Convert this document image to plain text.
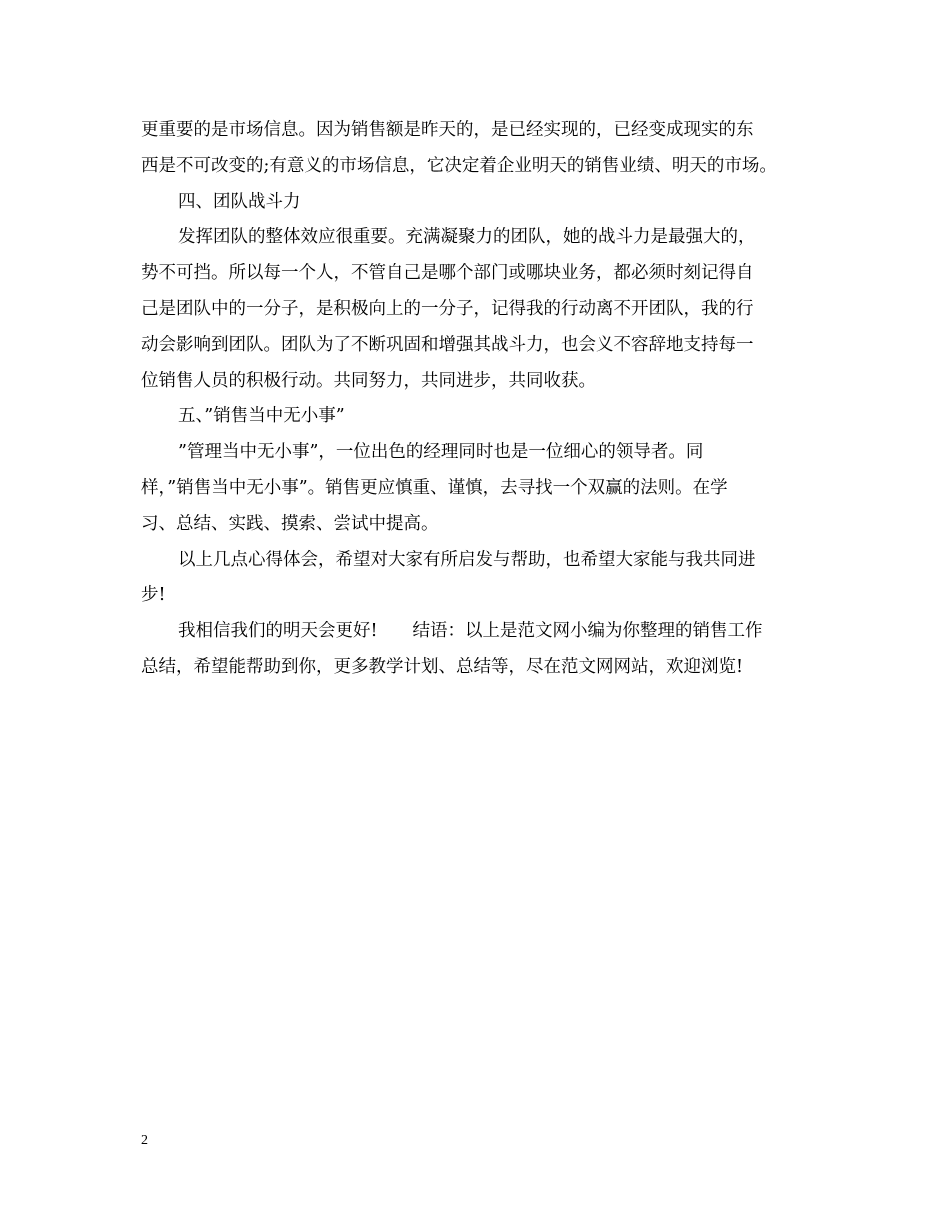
更重要的是市场信息。因为销售额是昨天的，是已经实现的，已经变成现实的东
西是不可改变的;有意义的市场信息，它决定着企业明天的销售业绩、明天的市场。
四、团队战斗力
发挥团队的整体效应很重要。充满凝聚力的团队，她的战斗力是最强大的，
势不可挡。所以每一个人，不管自己是哪个部门或哪块业务，都必须时刻记得自
己是团队中的一分子，是积极向上的一分子，记得我的行动离不开团队，我的行
动会影响到团队。团队为了不断巩固和增强其战斗力，也会义不容辞地支持每一
位销售人员的积极行动。共同努力，共同进步，共同收获。
五、”销售当中无小事”
”管理当中无小事”，一位出色的经理同时也是一位细心的领导者。同
样，”销售当中无小事”。销售更应慎重、谨慎，去寻找一个双赢的法则。在学
习、总结、实践、摸索、尝试中提高。
以上几点心得体会，希望对大家有所启发与帮助，也希望大家能与我共同进
步!
我相信我们的明天会更好!　　结语：以上是范文网小编为你整理的销售工作
总结，希望能帮助到你，更多教学计划、总结等，尽在范文网网站，欢迎浏览!
2
